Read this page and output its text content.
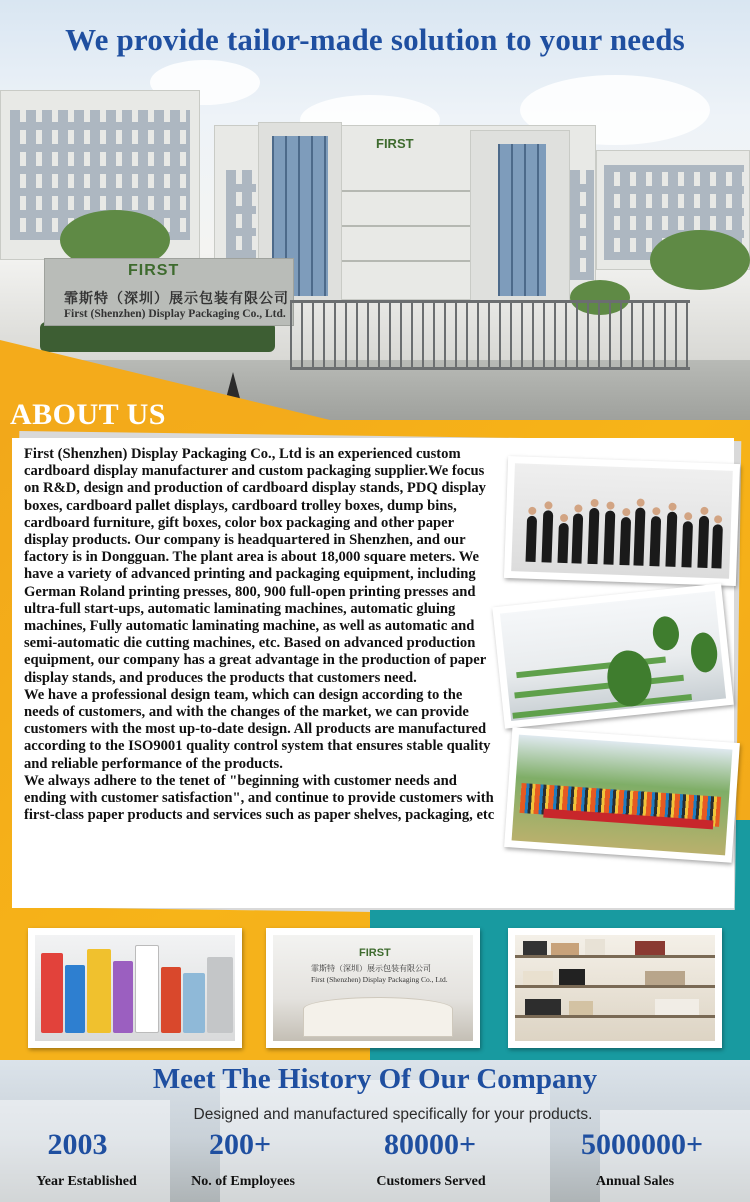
FIRST
FIRST
霏斯特（深圳）展示包装有限公司
First (Shenzhen) Display Packaging Co., Ltd.
We provide tailor-made solution to your needs
ABOUT US

First (Shenzhen) Display Packaging Co., Ltd is an experienced custom cardboard display manufacturer and custom packaging supplier.We focus on R&D, design and production of cardboard display stands, PDQ display boxes, cardboard pallet displays, cardboard trolley boxes, dump bins, cardboard furniture, gift boxes, color box packaging and other paper display products. Our company is headquartered in Shenzhen, and our factory is in Dongguan. The plant area is about 18,000 square meters. We have a variety of advanced printing and packaging equipment, including German Roland printing presses, 800, 900 full-open printing presses and ultra-full start-ups, automatic laminating machines, automatic gluing machines, Fully automatic laminating machine, as well as automatic and semi-automatic die cutting machines, etc. Based on advanced production equipment, our company has a great advantage in the production of paper display stands, and produces the products that customers need.

We have a professional design team, which can design according to the needs of customers, and with the changes of the market, we can provide customers with the most up-to-date design. All products are manufactured according to the ISO9001 quality control system that ensures stable quality and reliable performance of the products.

We always adhere to the tenet of "beginning with customer needs and ending with customer satisfaction", and continue to provide customers with first-class paper products and services such as paper shelves, packaging, etc

FIRST
霏斯特（深圳）展示包装有限公司
First (Shenzhen) Display Packaging Co., Ltd.
Meet The History Of Our Company
Designed and manufactured specifically for your products.
2003	200+	80000+	5000000+
Year Established	No. of Employees	Customers Served	Annual Sales
